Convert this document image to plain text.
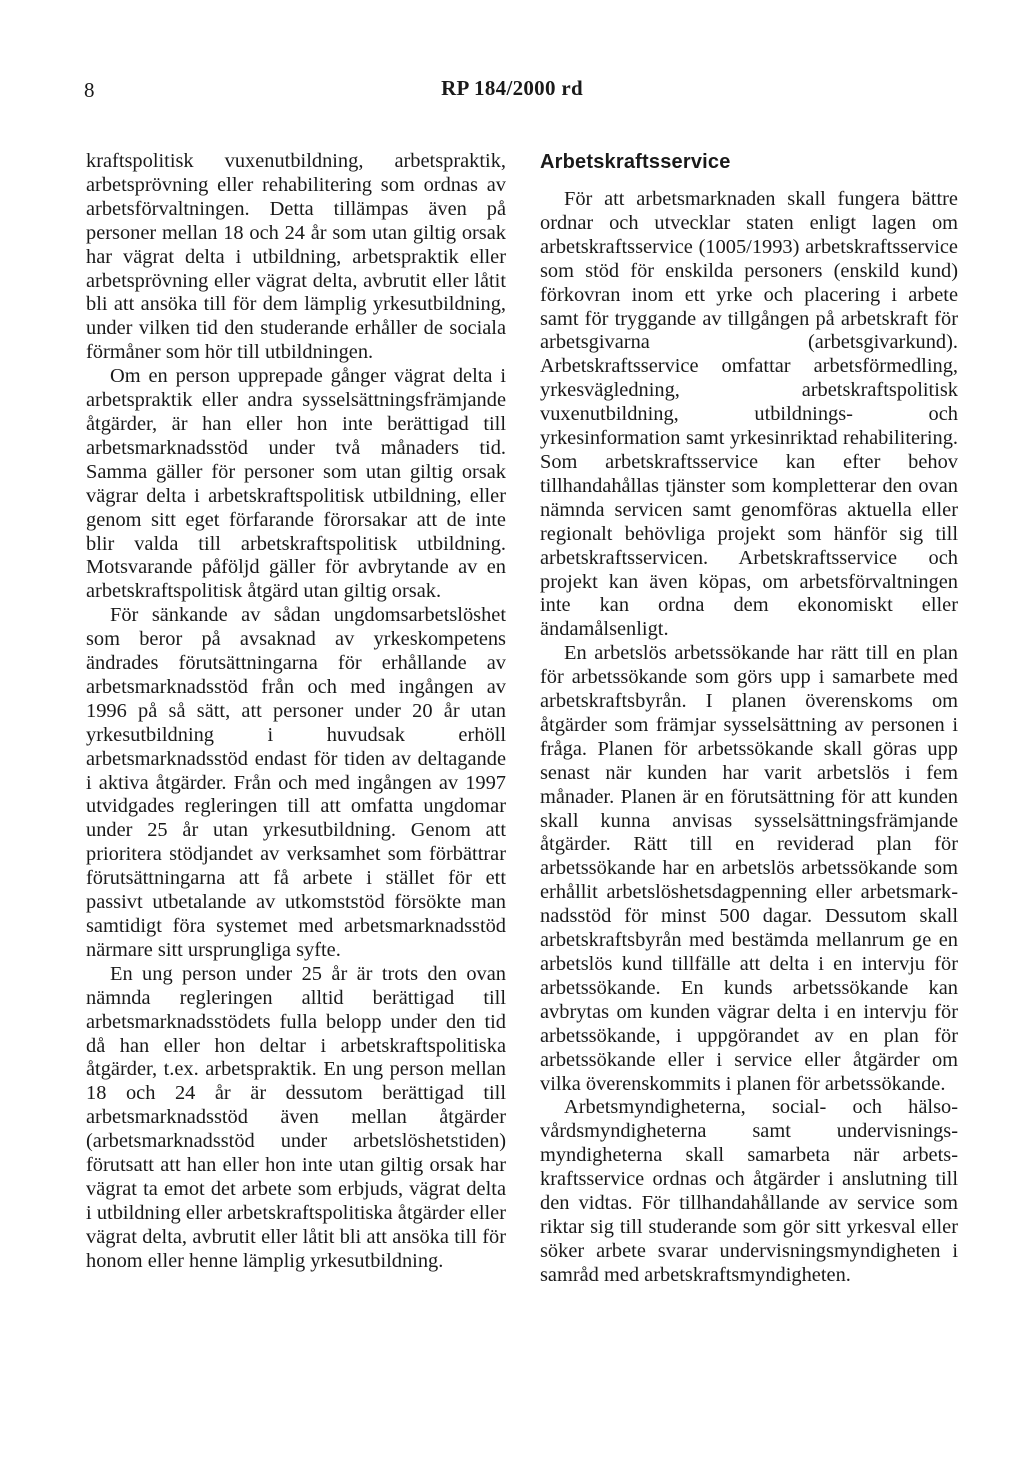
8	RP 184/2000 rd

kraftspolitisk vuxenutbildning, arbetspraktik, arbetsprövning eller rehabilitering som ordnas av arbetsförvaltningen. Detta tillämpas även på personer mellan 18 och 24 år som utan giltig orsak har vägrat delta i utbildning, arbetspraktik eller arbetsprövning eller vägrat delta, avbrutit eller låtit bli att ansöka till för dem lämplig yrkesutbildning, under vilken tid den studerande erhåller de sociala förmåner som hör till utbildningen.

Om en person upprepade gånger vägrat delta i arbetspraktik eller andra sysselsättningsfrämjande åtgärder, är han eller hon inte berättigad till arbetsmarknadsstöd under två månaders tid. Samma gäller för personer som utan giltig orsak vägrar delta i arbetskraftspolitisk utbildning, eller genom sitt eget förfarande förorsakar att de inte blir valda till arbetskraftspolitisk utbildning. Motsvarande påföljd gäller för avbrytande av en arbetskraftspolitisk åtgärd utan giltig orsak.

För sänkande av sådan ungdomsarbetslöshet som beror på avsaknad av yrkeskompetens ändrades förutsättningarna för erhållande av arbetsmarknadsstöd från och med ingången av 1996 på så sätt, att personer under 20 år utan yrkesutbildning i huvudsak erhöll arbetsmarknadsstöd endast för tiden av deltagande i aktiva åtgärder. Från och med ingången av 1997 utvidgades regleringen till att omfatta ungdomar under 25 år utan yrkesutbildning. Genom att prioritera stödjandet av verksamhet som förbättrar förutsättningarna att få arbete i stället för ett passivt utbetalande av utkomststöd försökte man samtidigt föra systemet med arbetsmarknadsstöd närmare sitt ursprungliga syfte.

En ung person under 25 år är trots den ovan nämnda regleringen alltid berättigad till arbetsmarknadsstödets fulla belopp under den tid då han eller hon deltar i arbetskraftspolitiska åtgärder, t.ex. arbetspraktik. En ung person mellan 18 och 24 år är dessutom berättigad till arbetsmarknadsstöd även mellan åtgärder (arbetsmarknadsstöd under arbetslöshetstiden) förutsatt att han eller hon inte utan giltig orsak har vägrat ta emot det arbete som erbjuds, vägrat delta i utbildning eller arbetskraftspolitiska åtgärder eller vägrat delta, avbrutit eller låtit bli att ansöka till för honom eller henne lämplig yrkesutbildning.

Arbetskraftsservice

För att arbetsmarknaden skall fungera bättre ordnar och utvecklar staten enligt lagen om arbetskraftsservice (1005/1993) arbetskraftsservice som stöd för enskilda personers (enskild kund) förkovran inom ett yrke och placering i arbete samt för tryggande av tillgången på arbetskraft för arbetsgivarna (arbetsgivarkund). Arbetskraftsservice omfattar arbetsförmedling, yrkesvägledning, arbetskraftspolitisk vuxenutbildning, utbildnings- och yrkesinformation samt yrkesinriktad rehabilitering. Som arbetskraftsservice kan efter behov tillhandahållas tjänster som kompletterar den ovan nämnda servicen samt genomföras aktuella eller regionalt behövliga projekt som hänför sig till arbetskraftsservicen. Arbetskraftsservice och projekt kan även köpas, om arbetsförvaltningen inte kan ordna dem ekonomiskt eller ändamålsenligt.

En arbetslös arbetssökande har rätt till en plan för arbetssökande som görs upp i samarbete med arbetskraftsbyrån. I planen överenskoms om åtgärder som främjar sysselsättning av personen i fråga. Planen för arbetssökande skall göras upp senast när kunden har varit arbetslös i fem månader. Planen är en förutsättning för att kunden skall kunna anvisas sysselsättningsfrämjande åtgärder. Rätt till en reviderad plan för arbetssökande har en arbetslös arbetssökande som erhållit arbetslöshetsdagpenning eller arbetsmarknadsstöd för minst 500 dagar. Dessutom skall arbetskraftsbyrån med bestämda mellanrum ge en arbetslös kund tillfälle att delta i en intervju för arbetssökande. En kunds arbetssökande kan avbrytas om kunden vägrar delta i en intervju för arbetssökande, i uppgörandet av en plan för arbetssökande eller i service eller åtgärder om vilka överenskommits i planen för arbetssökande.

Arbetsmyndigheterna, social- och hälsovårdsmyndigheterna samt undervisningsmyndigheterna skall samarbeta när arbetskraftsservice ordnas och åtgärder i anslutning till den vidtas. För tillhandahållande av service som riktar sig till studerande som gör sitt yrkesval eller söker arbete svarar undervisningsmyndigheten i samråd med arbetskraftsmyndigheten.
